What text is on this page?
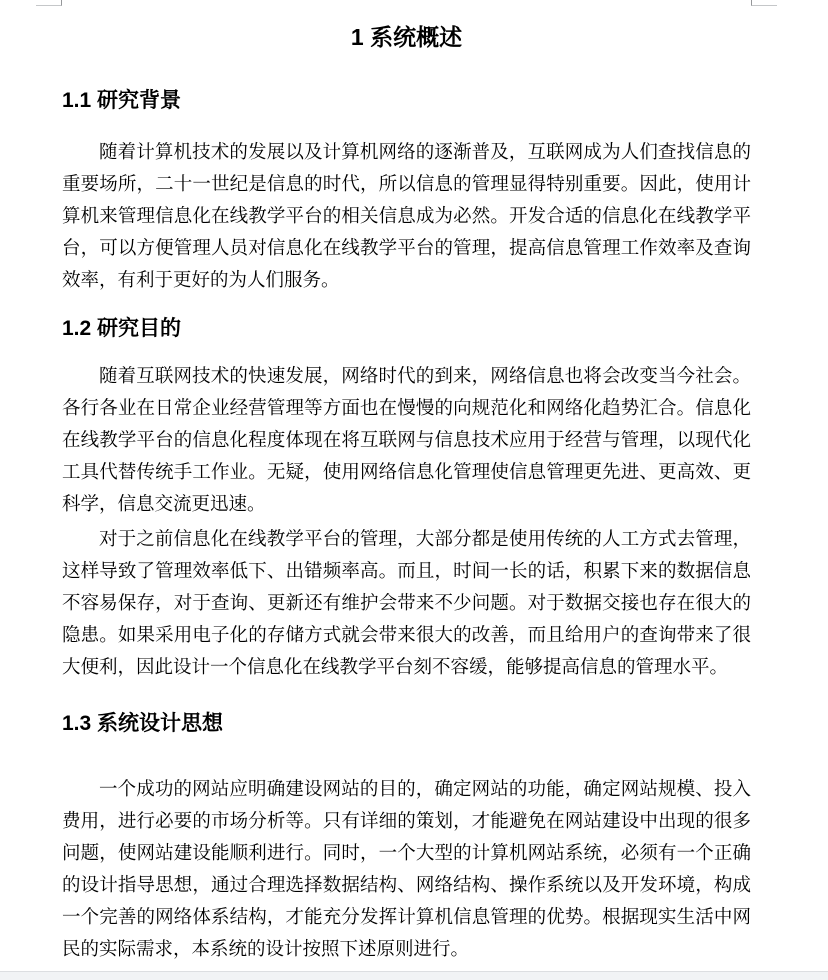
1 系统概述
1.1 研究背景

随着计算机技术的发展以及计算机网络的逐渐普及，互联网成为人们查找信息的重要场所，二十一世纪是信息的时代，所以信息的管理显得特别重要。因此，使用计算机来管理信息化在线教学平台的相关信息成为必然。开发合适的信息化在线教学平台，可以方便管理人员对信息化在线教学平台的管理，提高信息管理工作效率及查询效率，有利于更好的为人们服务。

1.2 研究目的

随着互联网技术的快速发展，网络时代的到来，网络信息也将会改变当今社会。各行各业在日常企业经营管理等方面也在慢慢的向规范化和网络化趋势汇合。信息化在线教学平台的信息化程度体现在将互联网与信息技术应用于经营与管理，以现代化工具代替传统手工作业。无疑，使用网络信息化管理使信息管理更先进、更高效、更科学，信息交流更迅速。

对于之前信息化在线教学平台的管理，大部分都是使用传统的人工方式去管理，这样导致了管理效率低下、出错频率高。而且，时间一长的话，积累下来的数据信息不容易保存，对于查询、更新还有维护会带来不少问题。对于数据交接也存在很大的隐患。如果采用电子化的存储方式就会带来很大的改善，而且给用户的查询带来了很大便利，因此设计一个信息化在线教学平台刻不容缓，能够提高信息的管理水平。

1.3 系统设计思想

一个成功的网站应明确建设网站的目的，确定网站的功能，确定网站规模、投入费用，进行必要的市场分析等。只有详细的策划，才能避免在网站建设中出现的很多问题，使网站建设能顺利进行。同时，一个大型的计算机网站系统，必须有一个正确的设计指导思想，通过合理选择数据结构、网络结构、操作系统以及开发环境，构成一个完善的网络体系结构，才能充分发挥计算机信息管理的优势。根据现实生活中网民的实际需求，本系统的设计按照下述原则进行。
